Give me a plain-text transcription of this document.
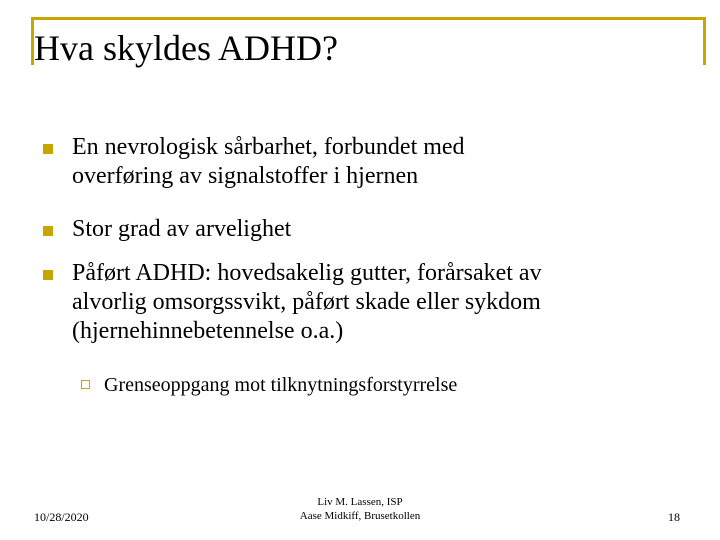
Hva skyldes ADHD?
En nevrologisk sårbarhet, forbundet med
overføring av signalstoffer i hjernen
Stor grad av arvelighet
Påført ADHD: hovedsakelig gutter, forårsaket av
alvorlig omsorgssvikt, påført skade eller sykdom
(hjernehinnebetennelse o.a.)
Grenseoppgang mot tilknytningsforstyrrelse
10/28/2020
Liv M. Lassen, ISP
Aase Midkiff, Brusetkollen	18
